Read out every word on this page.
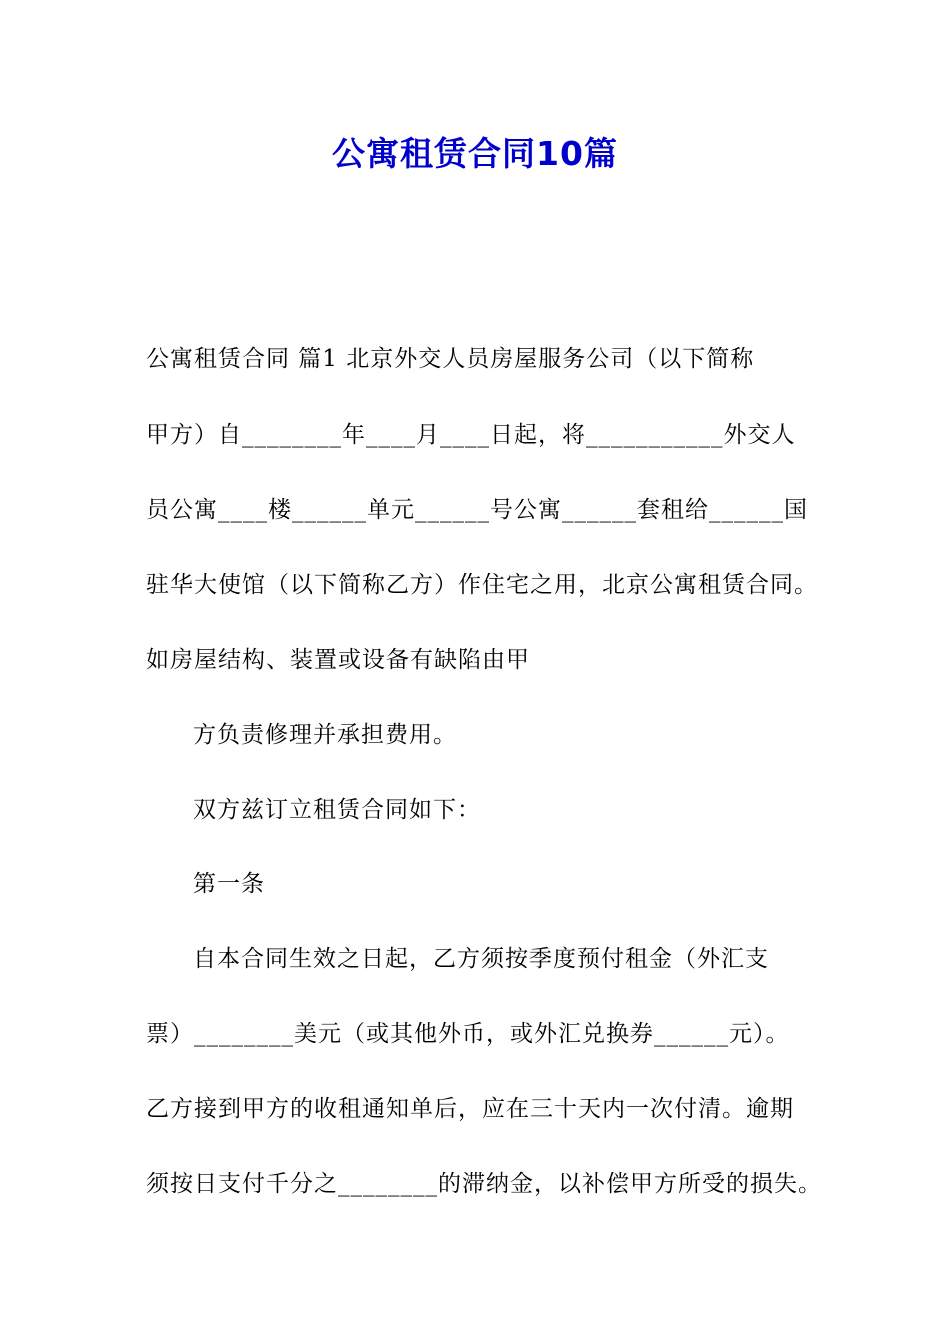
公寓租赁合同10篇
公寓租赁合同 篇1 北京外交人员房屋服务公司（以下简称
甲方）自________年____月____日起，将___________外交人
员公寓____楼______单元______号公寓______套租给______国
驻华大使馆（以下简称乙方）作住宅之用，北京公寓租赁合同。
如房屋结构、装置或设备有缺陷由甲
方负责修理并承担费用。
双方兹订立租赁合同如下：
第一条
自本合同生效之日起，乙方须按季度预付租金（外汇支
票）________美元（或其他外币，或外汇兑换券______元）。
乙方接到甲方的收租通知单后，应在三十天内一次付清。逾期
须按日支付千分之________的滞纳金，以补偿甲方所受的损失。
